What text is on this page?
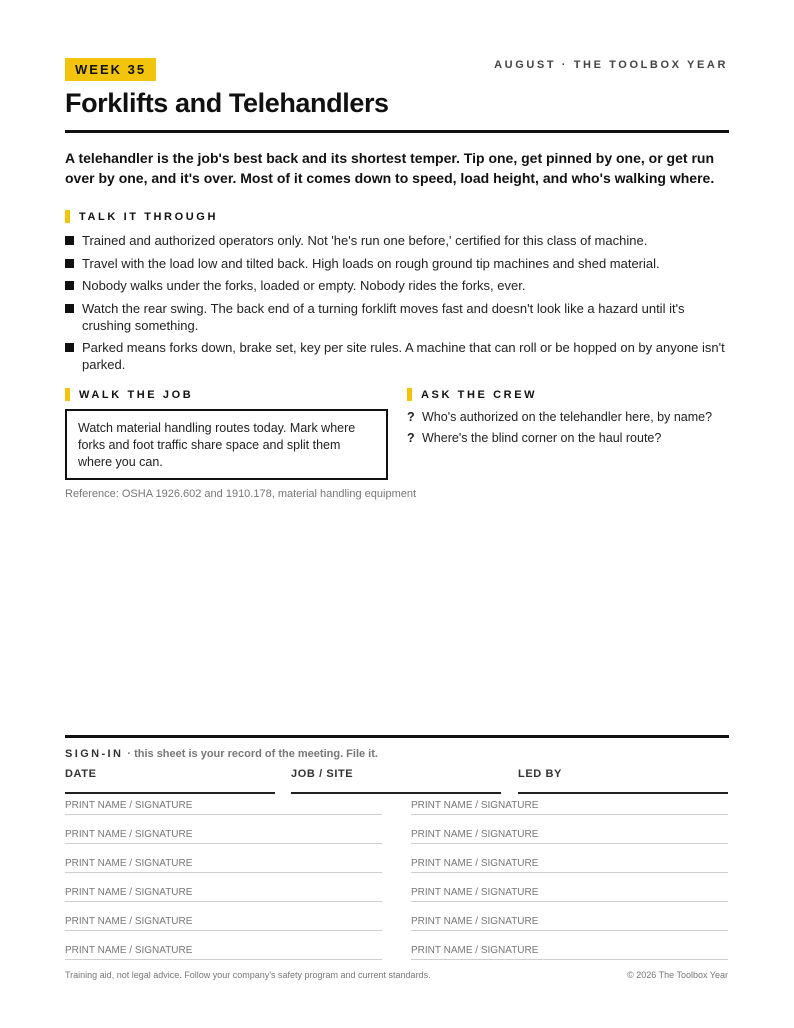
WEEK 35	AUGUST · THE TOOLBOX YEAR
Forklifts and Telehandlers

A telehandler is the job's best back and its shortest temper. Tip one, get pinned by one, or get run over by one, and it's over. Most of it comes down to speed, load height, and who's walking where.

TALK IT THROUGH
Trained and authorized operators only. Not 'he's run one before,' certified for this class of machine.
Travel with the load low and tilted back. High loads on rough ground tip machines and shed material.
Nobody walks under the forks, loaded or empty. Nobody rides the forks, ever.
Watch the rear swing. The back end of a turning forklift moves fast and doesn't look like a hazard until it's crushing something.
Parked means forks down, brake set, key per site rules. A machine that can roll or be hopped on by anyone isn't parked.
WALK THE JOB
Watch material handling routes today. Mark where forks and foot traffic share space and split them where you can.
ASK THE CREW
? Who's authorized on the telehandler here, by name?
? Where's the blind corner on the haul route?
Reference: OSHA 1926.602 and 1910.178, material handling equipment
SIGN-IN · this sheet is your record of the meeting. File it.
DATE	JOB / SITE	LED BY
PRINT NAME / SIGNATURE	PRINT NAME / SIGNATURE
PRINT NAME / SIGNATURE	PRINT NAME / SIGNATURE
PRINT NAME / SIGNATURE	PRINT NAME / SIGNATURE
PRINT NAME / SIGNATURE	PRINT NAME / SIGNATURE
PRINT NAME / SIGNATURE	PRINT NAME / SIGNATURE
PRINT NAME / SIGNATURE	PRINT NAME / SIGNATURE
Training aid, not legal advice. Follow your company's safety program and current standards.	© 2026 The Toolbox Year
